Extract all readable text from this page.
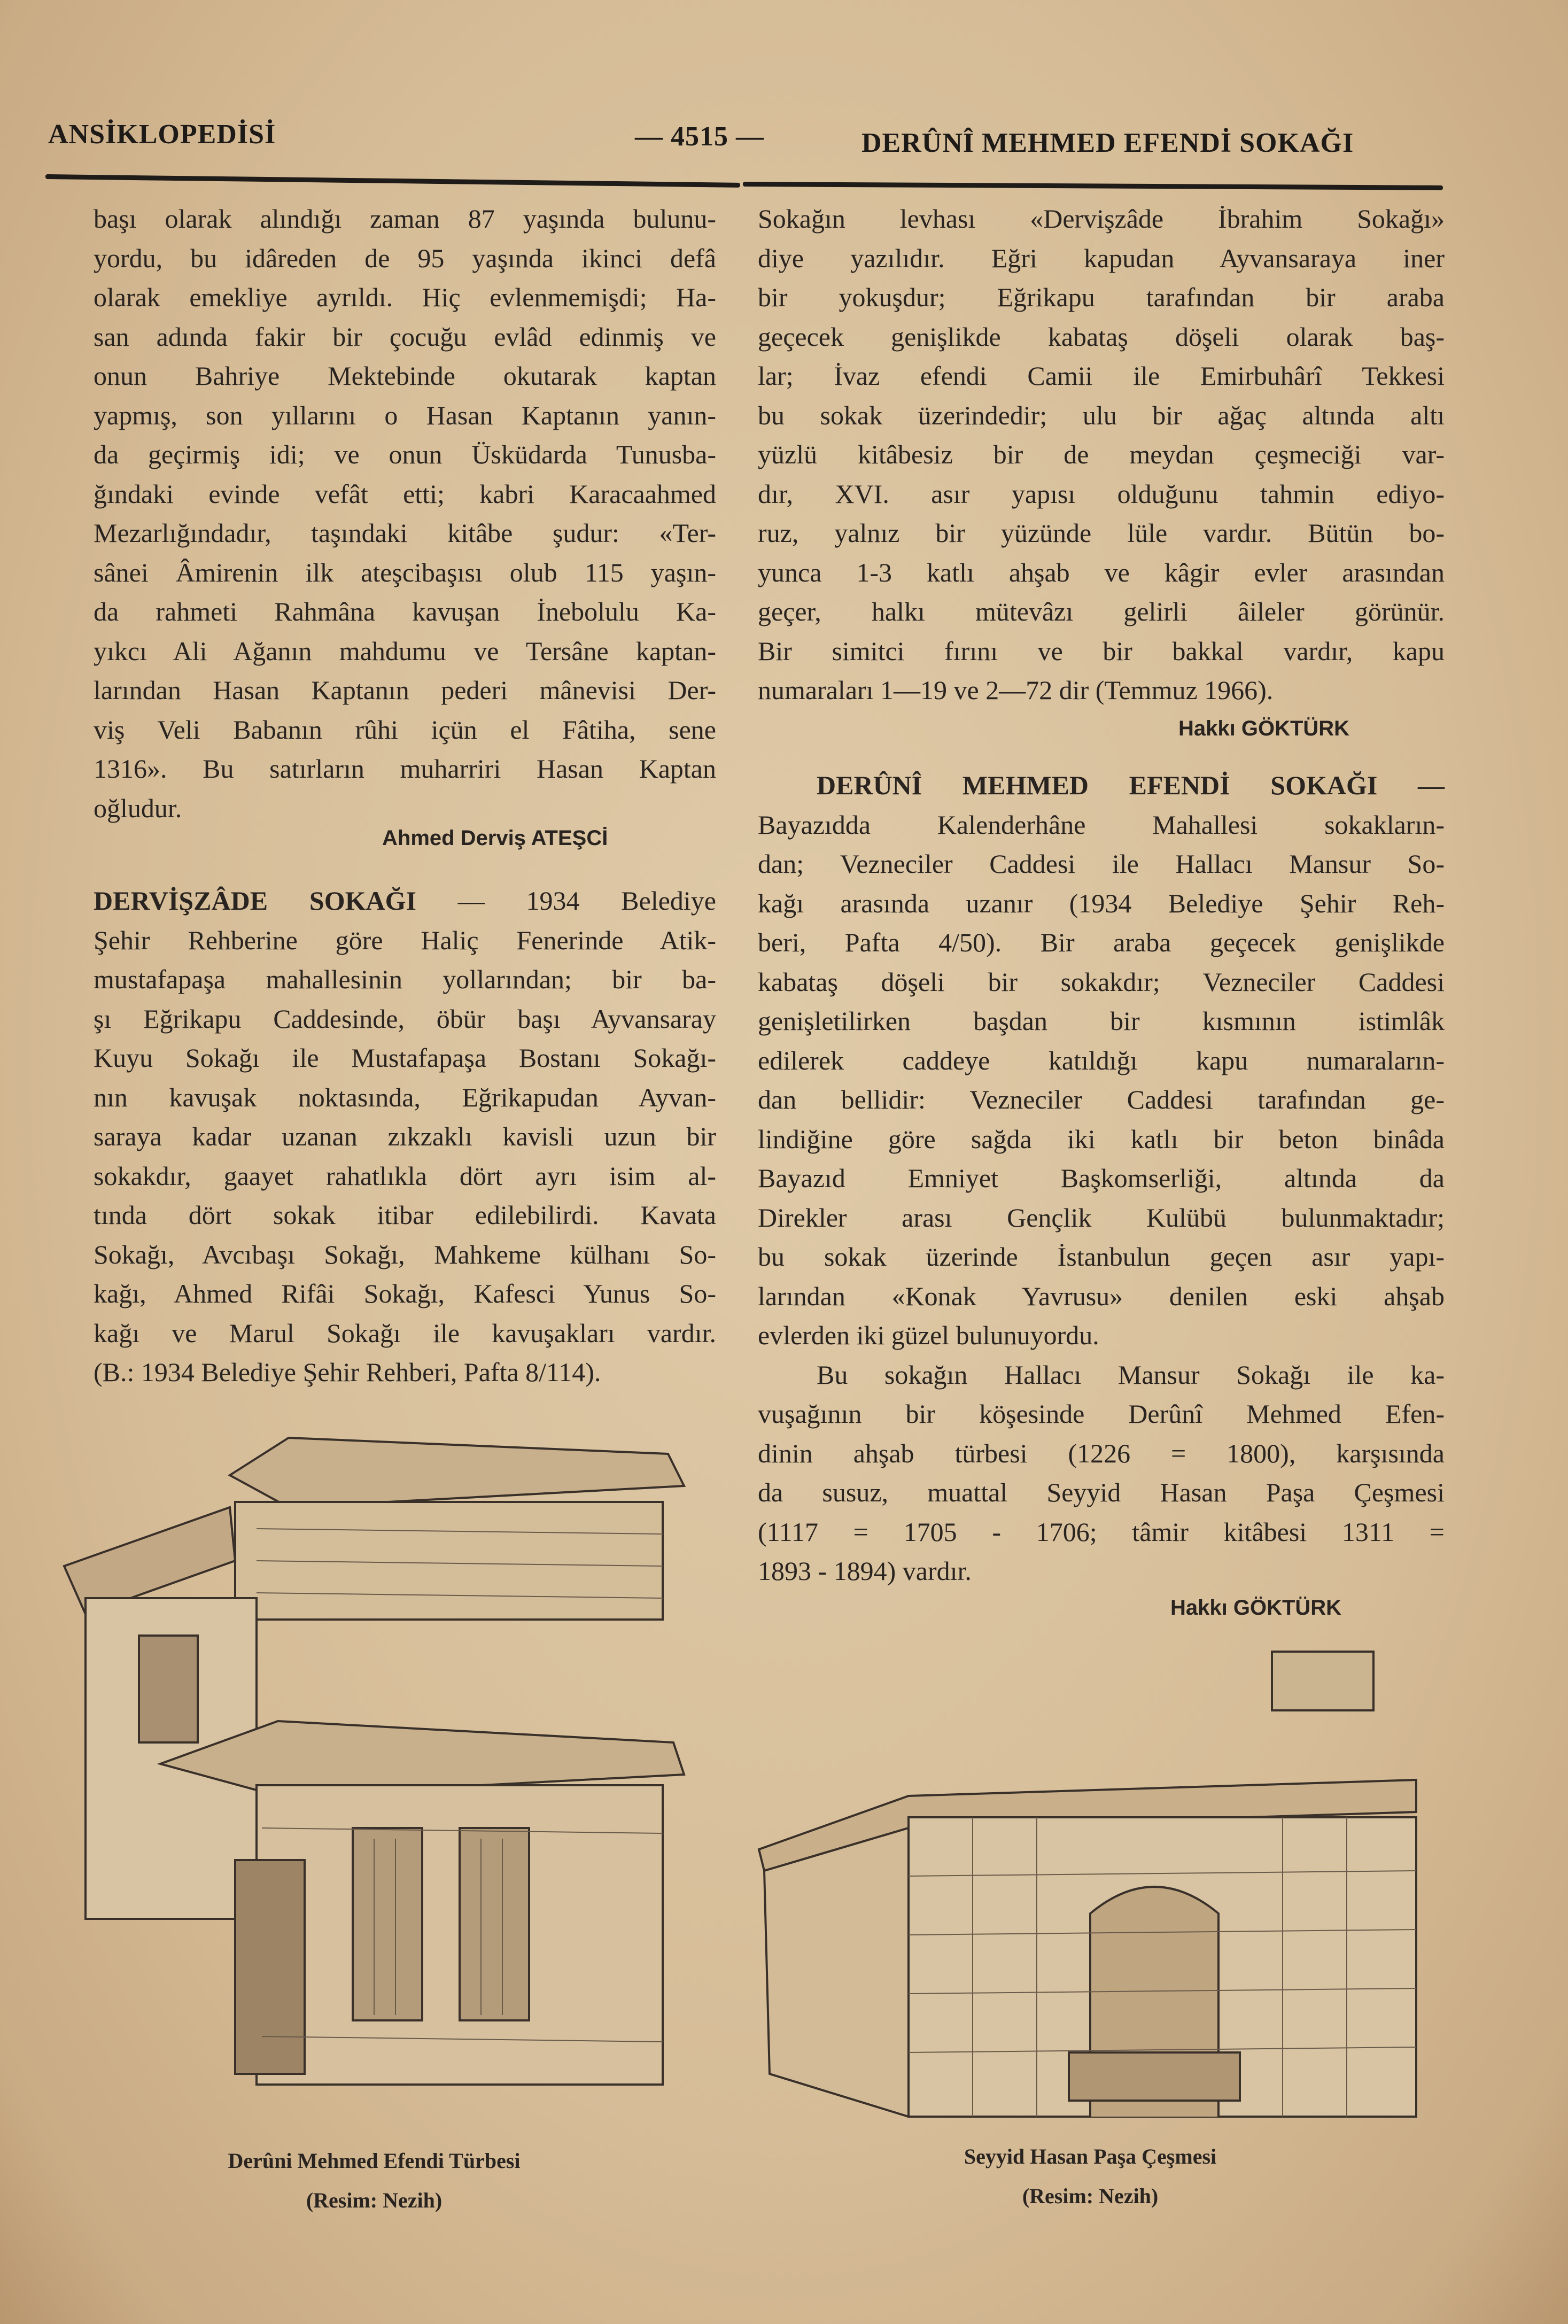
ANSİKLOPEDİSİ	— 4515 —	DERÛNÎ MEHMED EFENDİ SOKAĞI
başı olarak alındığı zaman 87 yaşında bulunu-
yordu, bu idâreden de 95 yaşında ikinci defâ
olarak emekliye ayrıldı. Hiç evlenmemişdi; Ha-
san adında fakir bir çocuğu evlâd edinmiş ve
onun Bahriye Mektebinde okutarak kaptan
yapmış, son yıllarını o Hasan Kaptanın yanın-
da geçirmiş idi; ve onun Üsküdarda Tunusba-
ğındaki evinde vefât etti; kabri Karacaahmed
Mezarlığındadır, taşındaki kitâbe şudur: «Ter-
sânei Âmirenin ilk ateşcibaşısı olub 115 yaşın-
da rahmeti Rahmâna kavuşan İnebolulu Ka-
yıkcı Ali Ağanın mahdumu ve Tersâne kaptan-
larından Hasan Kaptanın pederi mânevisi Der-
viş Veli Babanın rûhi içün el Fâtiha, sene
1316». Bu satırların muharriri Hasan Kaptan
oğludur.
Ahmed Derviş ATEŞCİ
DERVİŞZÂDE SOKAĞI — 1934 Belediye
Şehir Rehberine göre Haliç Fenerinde Atik-
mustafapaşa mahallesinin yollarından; bir ba-
şı Eğrikapu Caddesinde, öbür başı Ayvansaray
Kuyu Sokağı ile Mustafapaşa Bostanı Sokağı-
nın kavuşak noktasında, Eğrikapudan Ayvan-
saraya kadar uzanan zıkzaklı kavisli uzun bir
sokakdır, gaayet rahatlıkla dört ayrı isim al-
tında dört sokak itibar edilebilirdi. Kavata
Sokağı, Avcıbaşı Sokağı, Mahkeme külhanı So-
kağı, Ahmed Rifâi Sokağı, Kafesci Yunus So-
kağı ve Marul Sokağı ile kavuşakları vardır.
(B.: 1934 Belediye Şehir Rehberi, Pafta 8/114).
Derûni Mehmed Efendi Türbesi
(Resim: Nezih)
Sokağın levhası «Dervişzâde İbrahim Sokağı»
diye yazılıdır. Eğri kapudan Ayvansaraya iner
bir yokuşdur; Eğrikapu tarafından bir araba
geçecek genişlikde kabataş döşeli olarak baş-
lar; İvaz efendi Camii ile Emirbuhârî Tekkesi
bu sokak üzerindedir; ulu bir ağaç altında altı
yüzlü kitâbesiz bir de meydan çeşmeciği var-
dır, XVI. asır yapısı olduğunu tahmin ediyo-
ruz, yalnız bir yüzünde lüle vardır. Bütün bo-
yunca 1-3 katlı ahşab ve kâgir evler arasından
geçer, halkı mütevâzı gelirli âileler görünür.
Bir simitci fırını ve bir bakkal vardır, kapu
numaraları 1—19 ve 2—72 dir (Temmuz 1966).
Hakkı GÖKTÜRK
DERÛNÎ MEHMED EFENDİ SOKAĞI —
Bayazıdda Kalenderhâne Mahallesi sokakların-
dan; Vezneciler Caddesi ile Hallacı Mansur So-
kağı arasında uzanır (1934 Belediye Şehir Reh-
beri, Pafta 4/50). Bir araba geçecek genişlikde
kabataş döşeli bir sokakdır; Vezneciler Caddesi
genişletilirken başdan bir kısmının istimlâk
edilerek caddeye katıldığı kapu numaraların-
dan bellidir: Vezneciler Caddesi tarafından ge-
lindiğine göre sağda iki katlı bir beton binâda
Bayazıd Emniyet Başkomserliği, altında da
Direkler arası Gençlik Kulübü bulunmaktadır;
bu sokak üzerinde İstanbulun geçen asır yapı-
larından «Konak Yavrusu» denilen eski ahşab
evlerden iki güzel bulunuyordu.
Bu sokağın Hallacı Mansur Sokağı ile ka-
vuşağının bir köşesinde Derûnî Mehmed Efen-
dinin ahşab türbesi (1226 = 1800), karşısında
da susuz, muattal Seyyid Hasan Paşa Çeşmesi
(1117 = 1705 - 1706; tâmir kitâbesi 1311 =
1893 - 1894) vardır.
Hakkı GÖKTÜRK
Seyyid Hasan Paşa Çeşmesi
(Resim: Nezih)
